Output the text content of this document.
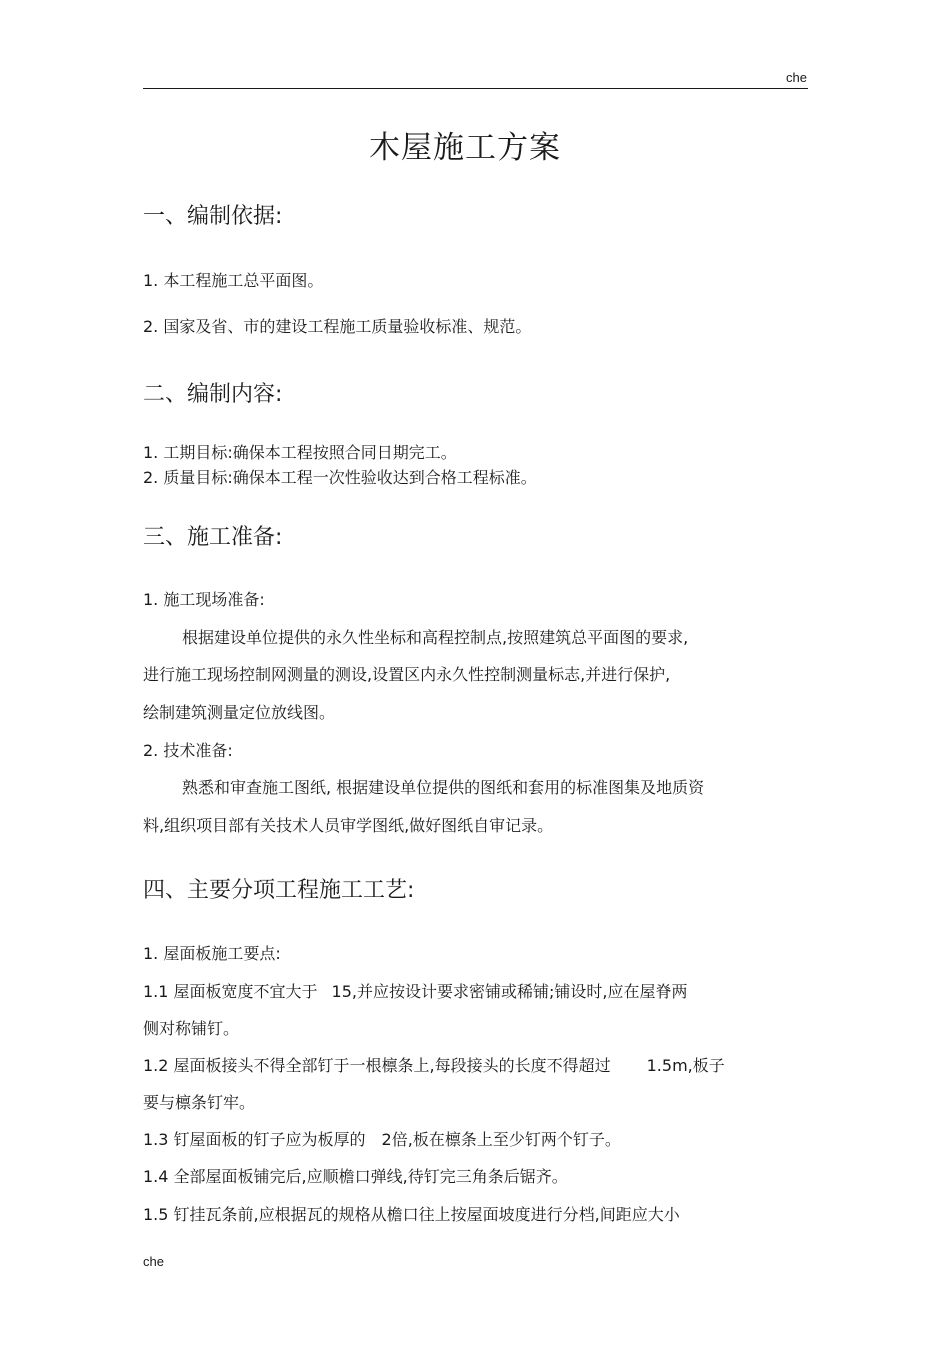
che
木屋施工方案
一、编制依据:
1. 本工程施工总平面图。
2. 国家及省、市的建设工程施工质量验收标准、规范。
二、编制内容:
1. 工期目标:确保本工程按照合同日期完工。
2. 质量目标:确保本工程一次性验收达到合格工程标准。
三、施工准备:
1. 施工现场准备:
根据建设单位提供的永久性坐标和高程控制点,按照建筑总平面图的要求,
进行施工现场控制网测量的测设,设置区内永久性控制测量标志,并进行保护,
绘制建筑测量定位放线图。
2. 技术准备:
熟悉和审查施工图纸, 根据建设单位提供的图纸和套用的标准图集及地质资
料,组织项目部有关技术人员审学图纸,做好图纸自审记录。
四、主要分项工程施工工艺:
1. 屋面板施工要点:
1.1 屋面板宽度不宜大于 15,并应按设计要求密铺或稀铺;铺设时,应在屋脊两
侧对称铺钉。
1.2 屋面板接头不得全部钉于一根檩条上,每段接头的长度不得超过 1.5m,板子
要与檩条钉牢。
1.3 钉屋面板的钉子应为板厚的 2倍,板在檩条上至少钉两个钉子。
1.4 全部屋面板铺完后,应顺檐口弹线,待钉完三角条后锯齐。
1.5 钉挂瓦条前,应根据瓦的规格从檐口往上按屋面坡度进行分档,间距应大小
che
